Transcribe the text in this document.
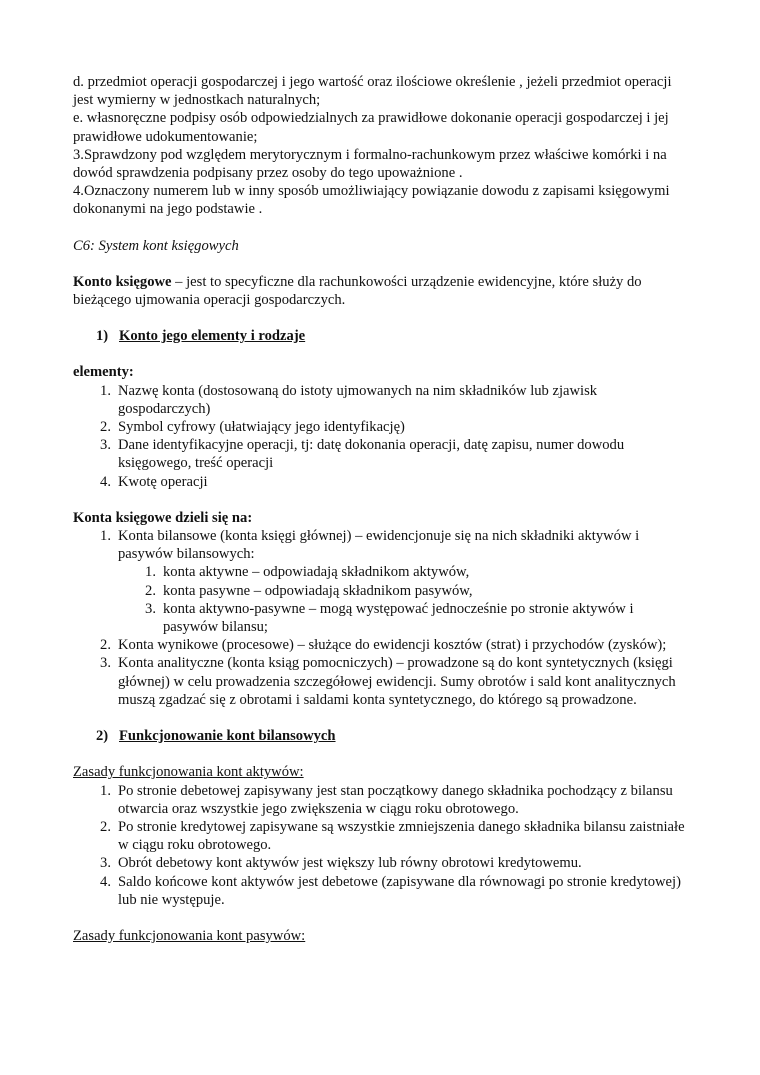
d. przedmiot operacji gospodarczej i jego wartość oraz ilościowe określenie , jeżeli przedmiot operacji jest wymierny w jednostkach naturalnych;

e. własnoręczne podpisy osób odpowiedzialnych za prawidłowe dokonanie operacji gospodarczej i jej prawidłowe udokumentowanie;

3.Sprawdzony pod względem merytorycznym i formalno-rachunkowym przez właściwe komórki i na dowód sprawdzenia podpisany przez osoby do tego upoważnione .

4.Oznaczony numerem lub w inny sposób umożliwiający powiązanie dowodu z zapisami księgowymi dokonanymi na jego podstawie .

C6: System kont księgowych

Konto księgowe – jest to specyficzne dla rachunkowości urządzenie ewidencyjne, które służy do bieżącego ujmowania operacji gospodarczych.

1) Konto jego elementy i rodzaje

elementy:

1. Nazwę konta (dostosowaną do istoty ujmowanych na nim składników lub zjawisk gospodarczych)
2. Symbol cyfrowy (ułatwiający jego identyfikację)
3. Dane identyfikacyjne operacji, tj: datę dokonania operacji, datę zapisu, numer dowodu księgowego, treść operacji
4. Kwotę operacji

Konta księgowe dzieli się na:

1. Konta bilansowe (konta księgi głównej) – ewidencjonuje się na nich składniki aktywów i pasywów bilansowych:
1. konta aktywne – odpowiadają składnikom aktywów,
2. konta pasywne – odpowiadają składnikom pasywów,
3. konta aktywno-pasywne – mogą występować jednocześnie po stronie aktywów i pasywów bilansu;
2. Konta wynikowe (procesowe) – służące do ewidencji kosztów (strat) i przychodów (zysków);
3. Konta analityczne (konta ksiąg pomocniczych) – prowadzone są do kont syntetycznych (księgi głównej) w celu prowadzenia szczegółowej ewidencji. Sumy obrotów i sald kont analitycznych muszą zgadzać się z obrotami i saldami konta syntetycznego, do którego są prowadzone.
2) Funkcjonowanie kont bilansowych

Zasady funkcjonowania kont aktywów:

1. Po stronie debetowej zapisywany jest stan początkowy danego składnika pochodzący z bilansu otwarcia oraz wszystkie jego zwiększenia w ciągu roku obrotowego.
2. Po stronie kredytowej zapisywane są wszystkie zmniejszenia danego składnika bilansu zaistniałe w ciągu roku obrotowego.
3. Obrót debetowy kont aktywów jest większy lub równy obrotowi kredytowemu.
4. Saldo końcowe kont aktywów jest debetowe (zapisywane dla równowagi po stronie kredytowej) lub nie występuje.

Zasady funkcjonowania kont pasywów:
